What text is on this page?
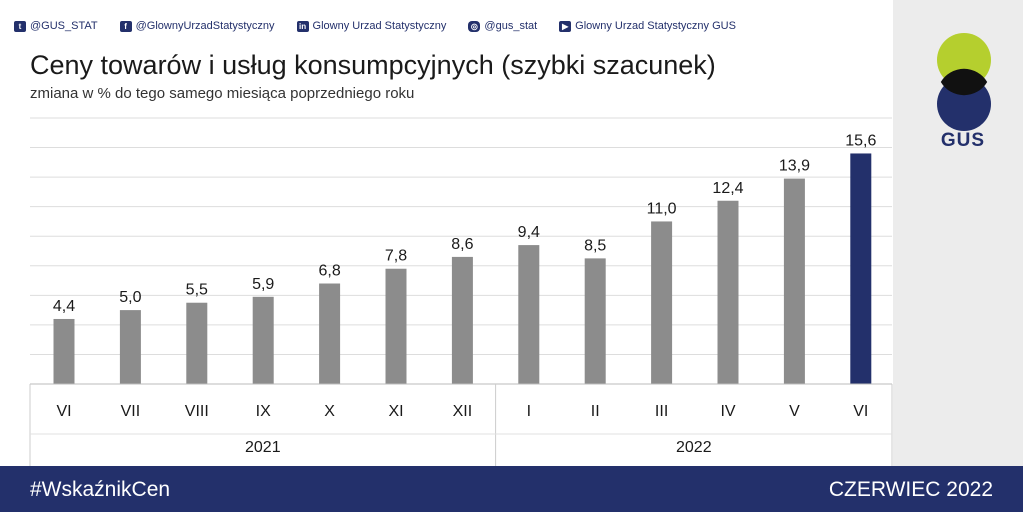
t @GUS_STAT	f @GlownyUrzadStatystyczny	in Glowny Urzad Statystyczny	◎ @gus_stat	▶ Glowny Urzad Statystyczny GUS
Ceny towarów i usług konsumpcyjnych (szybki szacunek)
zmiana w % do tego samego miesiąca poprzedniego roku
4,4
VI
5,0
VII
5,5
VIII
5,9
IX
6,8
X
7,8
XI
8,6
XII
9,4
I
8,5
II
11,0
III
12,4
IV
13,9
V
15,6
VI
2021	2022
GUS
#WskaźnikCen	CZERWIEC 2022
